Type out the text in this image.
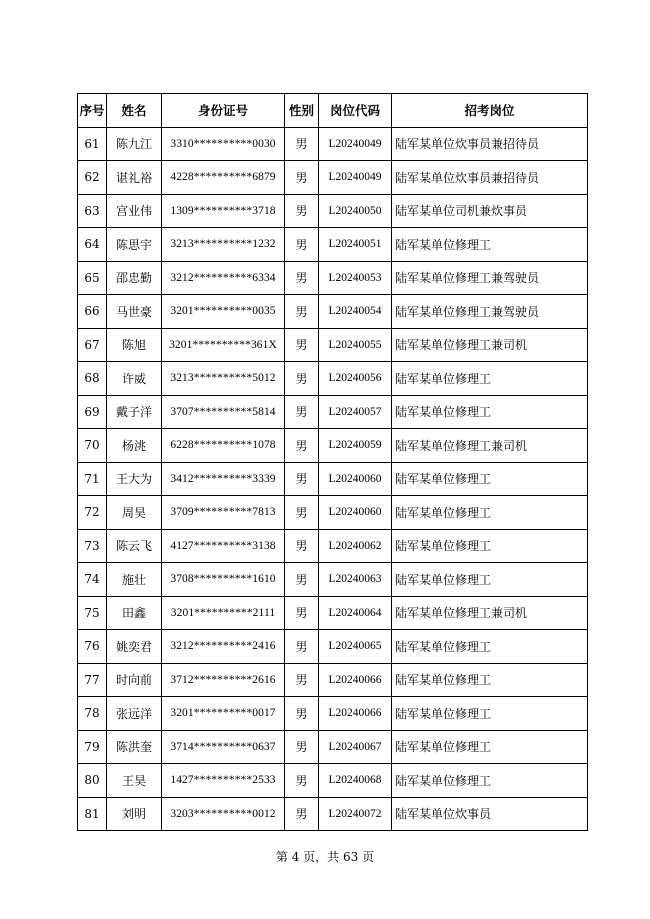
序号	姓名	身份证号	性别	岗位代码	招考岗位
61	陈九江	3310**********0030	男	L20240049	陆军某单位炊事员兼招待员
62	谌礼裕	4228**********6879	男	L20240049	陆军某单位炊事员兼招待员
63	宫业伟	1309**********3718	男	L20240050	陆军某单位司机兼炊事员
64	陈思宇	3213**********1232	男	L20240051	陆军某单位修理工
65	邵忠勤	3212**********6334	男	L20240053	陆军某单位修理工兼驾驶员
66	马世豪	3201**********0035	男	L20240054	陆军某单位修理工兼驾驶员
67	陈旭	3201**********361X	男	L20240055	陆军某单位修理工兼司机
68	许威	3213**********5012	男	L20240056	陆军某单位修理工
69	戴子洋	3707**********5814	男	L20240057	陆军某单位修理工
70	杨洮	6228**********1078	男	L20240059	陆军某单位修理工兼司机
71	王大为	3412**********3339	男	L20240060	陆军某单位修理工
72	周昊	3709**********7813	男	L20240060	陆军某单位修理工
73	陈云飞	4127**********3138	男	L20240062	陆军某单位修理工
74	施壮	3708**********1610	男	L20240063	陆军某单位修理工
75	田鑫	3201**********2111	男	L20240064	陆军某单位修理工兼司机
76	姚奕君	3212**********2416	男	L20240065	陆军某单位修理工
77	时向前	3712**********2616	男	L20240066	陆军某单位修理工
78	张远洋	3201**********0017	男	L20240066	陆军某单位修理工
79	陈洪奎	3714**********0637	男	L20240067	陆军某单位修理工
80	王昊	1427**********2533	男	L20240068	陆军某单位修理工
81	刘明	3203**********0012	男	L20240072	陆军某单位炊事员
第 4 页，共 63 页
